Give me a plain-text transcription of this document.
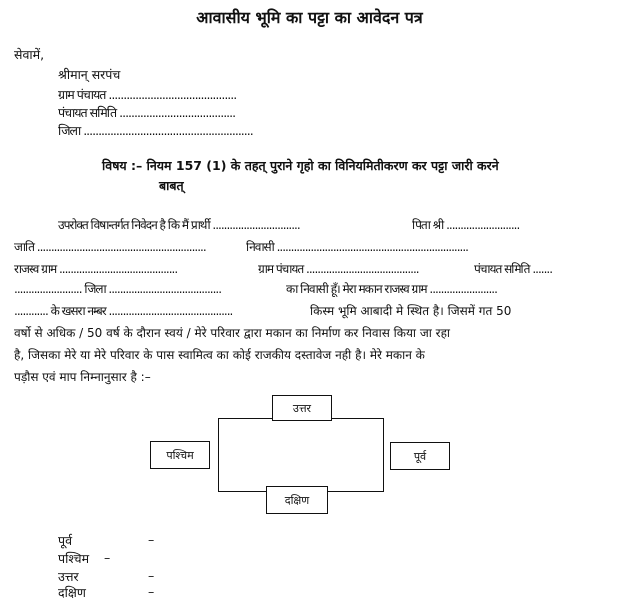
आवासीय भूमि का पट्टा का आवेदन पत्र
सेवामें,
श्रीमान् सरपंच
ग्राम पंचायत ...........................................
पंचायत समिति .......................................
जिला .........................................................
विषय :– नियम 157 (1) के तहत् पुराने गृहो का विनियमितीकरण कर पट्टा जारी करने
बाबत्
उपरोक्त विषान्तर्गत निवेदन है कि मैं प्रार्थी ...............................	पिता श्री ..........................
जाति ............................................................	निवासी ....................................................................
राजस्व ग्राम ..........................................	ग्राम पंचायत ........................................	पंचायत समिति .......
........................ जिला ........................................	का निवासी हूँ। मेरा मकान राजस्व ग्राम ........................
............ के खसरा नम्बर ............................................	किस्म भूमि आबादी मे स्थित है। जिसमें गत 50
वर्षो से अधिक / 50 वर्ष के दौरान स्वयं / मेरे परिवार द्वारा मकान का निर्माण कर निवास किया जा रहा
है, जिसका मेरे या मेरे परिवार के पास स्वामित्व का कोई राजकीय दस्तावेज नही है। मेरे मकान के
पड़ौस एवं माप निम्नानुसार है :–
उत्तर
पश्चिम	पूर्व
दक्षिण
पूर्व	–
पश्चिम –
उत्तर	–
दक्षिण	–
